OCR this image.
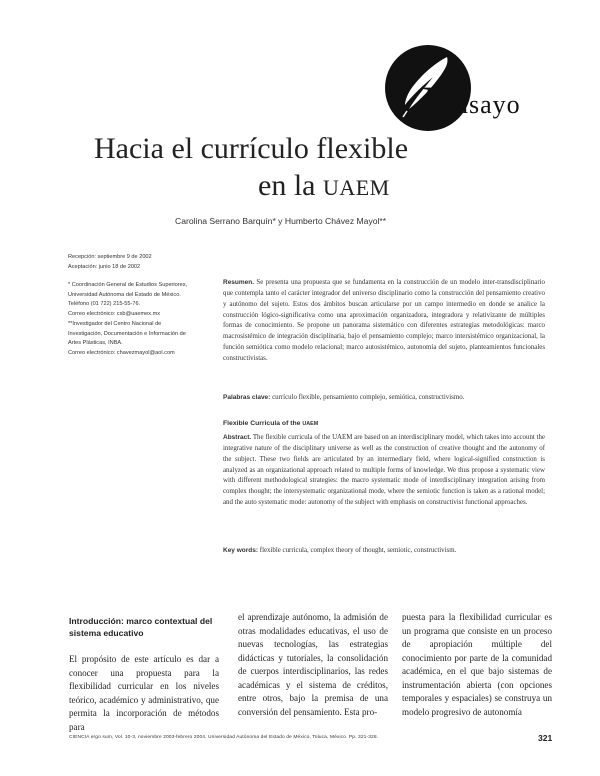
E nsayo
Hacia el currículo flexible
en la UAEM
Carolina Serrano Barquín* y Humberto Chávez Mayol**
Recepción: septiembre 9 de 2002
Aceptación: junio 18 de 2002
* Coordinación General de Estudios Superiores,
Universidad Autónoma del Estado de México.
Teléfono (01 722) 215-55-76.
Correo electrónico: csb@uaemex.mx
**Investigador del Centro Nacional de
Investigación, Documentación e Información de
Artes Plásticas, INBA.
Correo electrónico: chavezmayol@aol.com
Resumen. Se presenta una propuesta que se fundamenta en la construcción de un modelo inter-transdisciplinario que contempla tanto el carácter integrador del universo disciplinario como la construcción del pensamiento creativo y autónomo del sujeto. Estos dos ámbitos buscan articularse por un campo intermedio en donde se analice la construcción lógico-significativa como una aproximación organizadora, integradora y relativizante de múltiples formas de conocimiento. Se propone un panorama sistemático con diferentes estrategias metodológicas: marco macrosistémico de integración disciplinaria, bajo el pensamiento complejo; marco intersistémico organizacional, la función semiótica como modelo relacional; marco autosistémico, autonomía del sujeto, planteamientos funcionales constructivistas.
Palabras clave: currículo flexible, pensamiento complejo, semiótica, constructivismo.
Flexible Curricula of the UAEM
Abstract. The flexible curricula of the UAEM are based on an interdisciplinary model, which takes into account the integrative nature of the disciplinary universe as well as the construction of creative thought and the autonomy of the subject. These two fields are articulated by an intermediary field, where logical-signified construction is analyzed as an organizational approach related to multiple forms of knowledge. We thus propose a systematic view with different methodological strategies: the macro systematic mode of interdisciplinary integration arising from complex thought; the intersystematic organizational mode, where the semiotic function is taken as a rational model; and the auto systematic mode: autonomy of the subject with emphasis on constructivist functional approaches.
Key words: flexible curricula, complex theory of thought, semiotic, constructivism.
Introducción: marco contextual del sistema educativo

El propósito de este artículo es dar a conocer una propuesta para la flexibilidad curricular en los niveles teórico, académico y administrativo, que permita la incorporación de métodos para

el aprendizaje autónomo, la admisión de otras modalidades educativas, el uso de nuevas tecnologías, las estrategias didácticas y tutoriales, la consolidación de cuerpos interdisciplinarios, las redes académicas y el sistema de créditos, entre otros, bajo la premisa de una conversión del pensamiento. Esta pro-
puesta para la flexibilidad curricular es un programa que consiste en un proceso de apropiación múltiple del conocimiento por parte de la comunidad académica, en el que bajo sistemas de instrumentación abierta (con opciones temporales y espaciales) se construya un modelo progresivo de autonomía
CIENCIA ergo sum, Vol. 10-3, noviembre 2003-febrero 2004. Universidad Autónoma del Estado de México, Toluca, México. Pp. 321-328.	321
